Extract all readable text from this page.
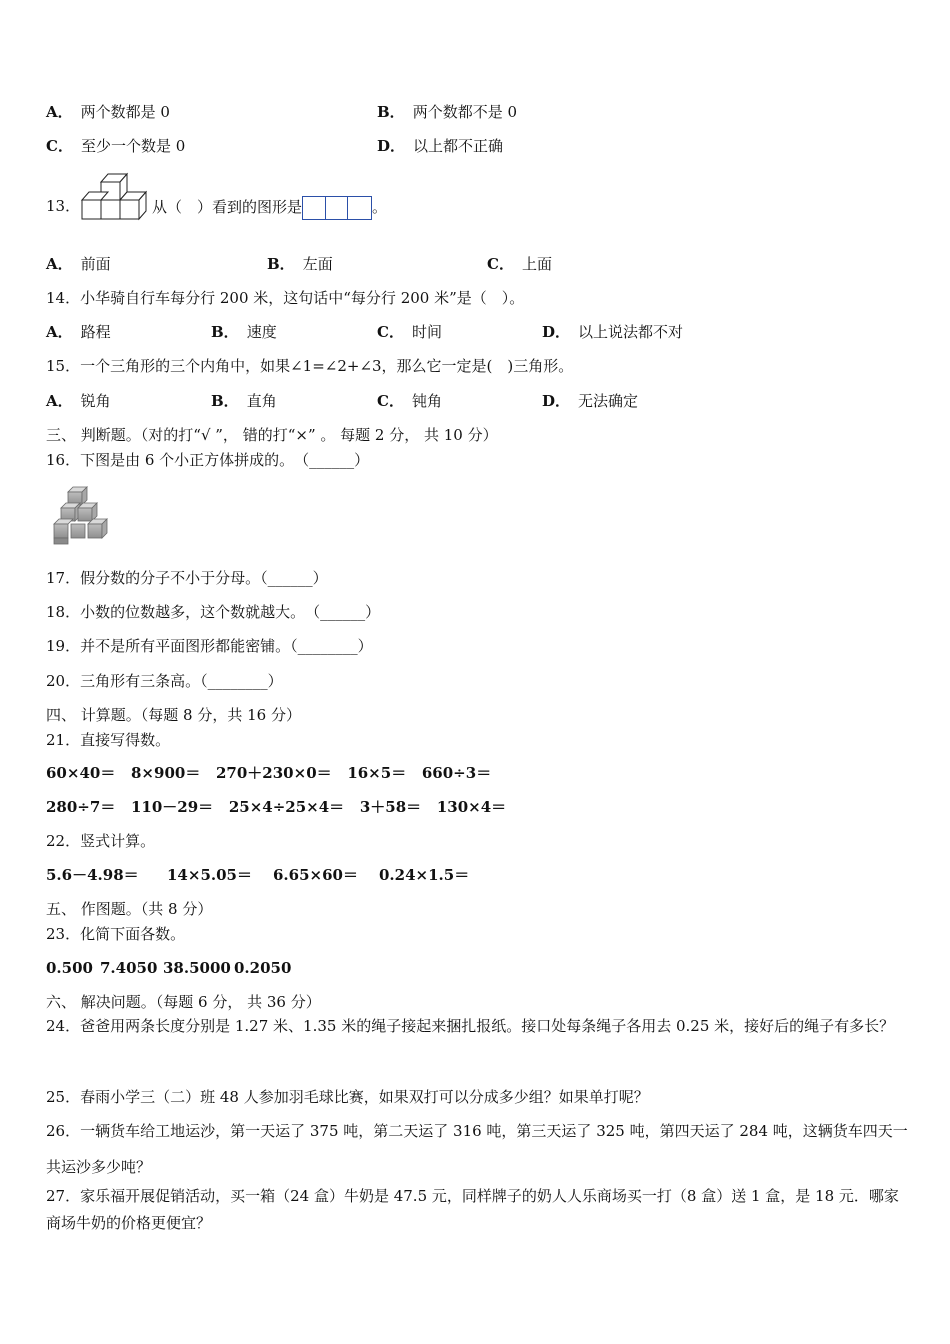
A． 两个数都是 0	B． 两个数都不是 0
C． 至少一个数是 0	D． 以上都不正确
13．	从（　）看到的图形是	。
A． 前面	B． 左面	C． 上面
14．小华骑自行车每分行 200 米，这句话中“每分行 200 米”是（　）。
A． 路程	B． 速度	C． 时间	D． 以上说法都不对
15．一个三角形的三个内角中，如果∠1=∠2+∠3，那么它一定是(　)三角形。
A． 锐角	B． 直角	C． 钝角	D． 无法确定
三、 判断题。（对的打“√ ”， 错的打“×” 。 每题 2 分， 共 10 分）
16．下图是由 6 个小正方体拼成的。　（______）
17．假分数的分子不小于分母。（______）
18．小数的位数越多，这个数就越大。　（______）
19．并不是所有平面图形都能密铺。（________）
20．三角形有三条高。（________）
四、 计算题。（每题 8 分，共 16 分）
21．直接写得数。
60×40＝ 8×900＝ 270＋230×0＝ 16×5＝ 660÷3＝
280÷7＝ 110－29＝ 25×4÷25×4＝ 3＋58＝ 130×4＝
22．竖式计算。
5.6－4.98＝ 14×5.05＝ 6.65×60＝ 0.24×1.5＝
五、 作图题。（共 8 分）
23．化简下面各数。
0.500 7.4050 38.5000 0.2050
六、 解决问题。（每题 6 分， 共 36 分）
24．爸爸用两条长度分别是 1.27 米、1.35 米的绳子接起来捆扎报纸。接口处每条绳子各用去 0.25 米，接好后的绳子有多长？
25．春雨小学三（二）班 48 人参加羽毛球比赛，如果双打可以分成多少组？如果单打呢？
26．一辆货车给工地运沙，第一天运了 375 吨，第二天运了 316 吨，第三天运了 325 吨，第四天运了 284 吨，这辆货车四天一共运沙多少吨？
27．家乐福开展促销活动，买一箱（24 盒）牛奶是 47.5 元，同样牌子的奶人人乐商场买一打（8 盒）送 1 盒，是 18 元．哪家商场牛奶的价格更便宜？
